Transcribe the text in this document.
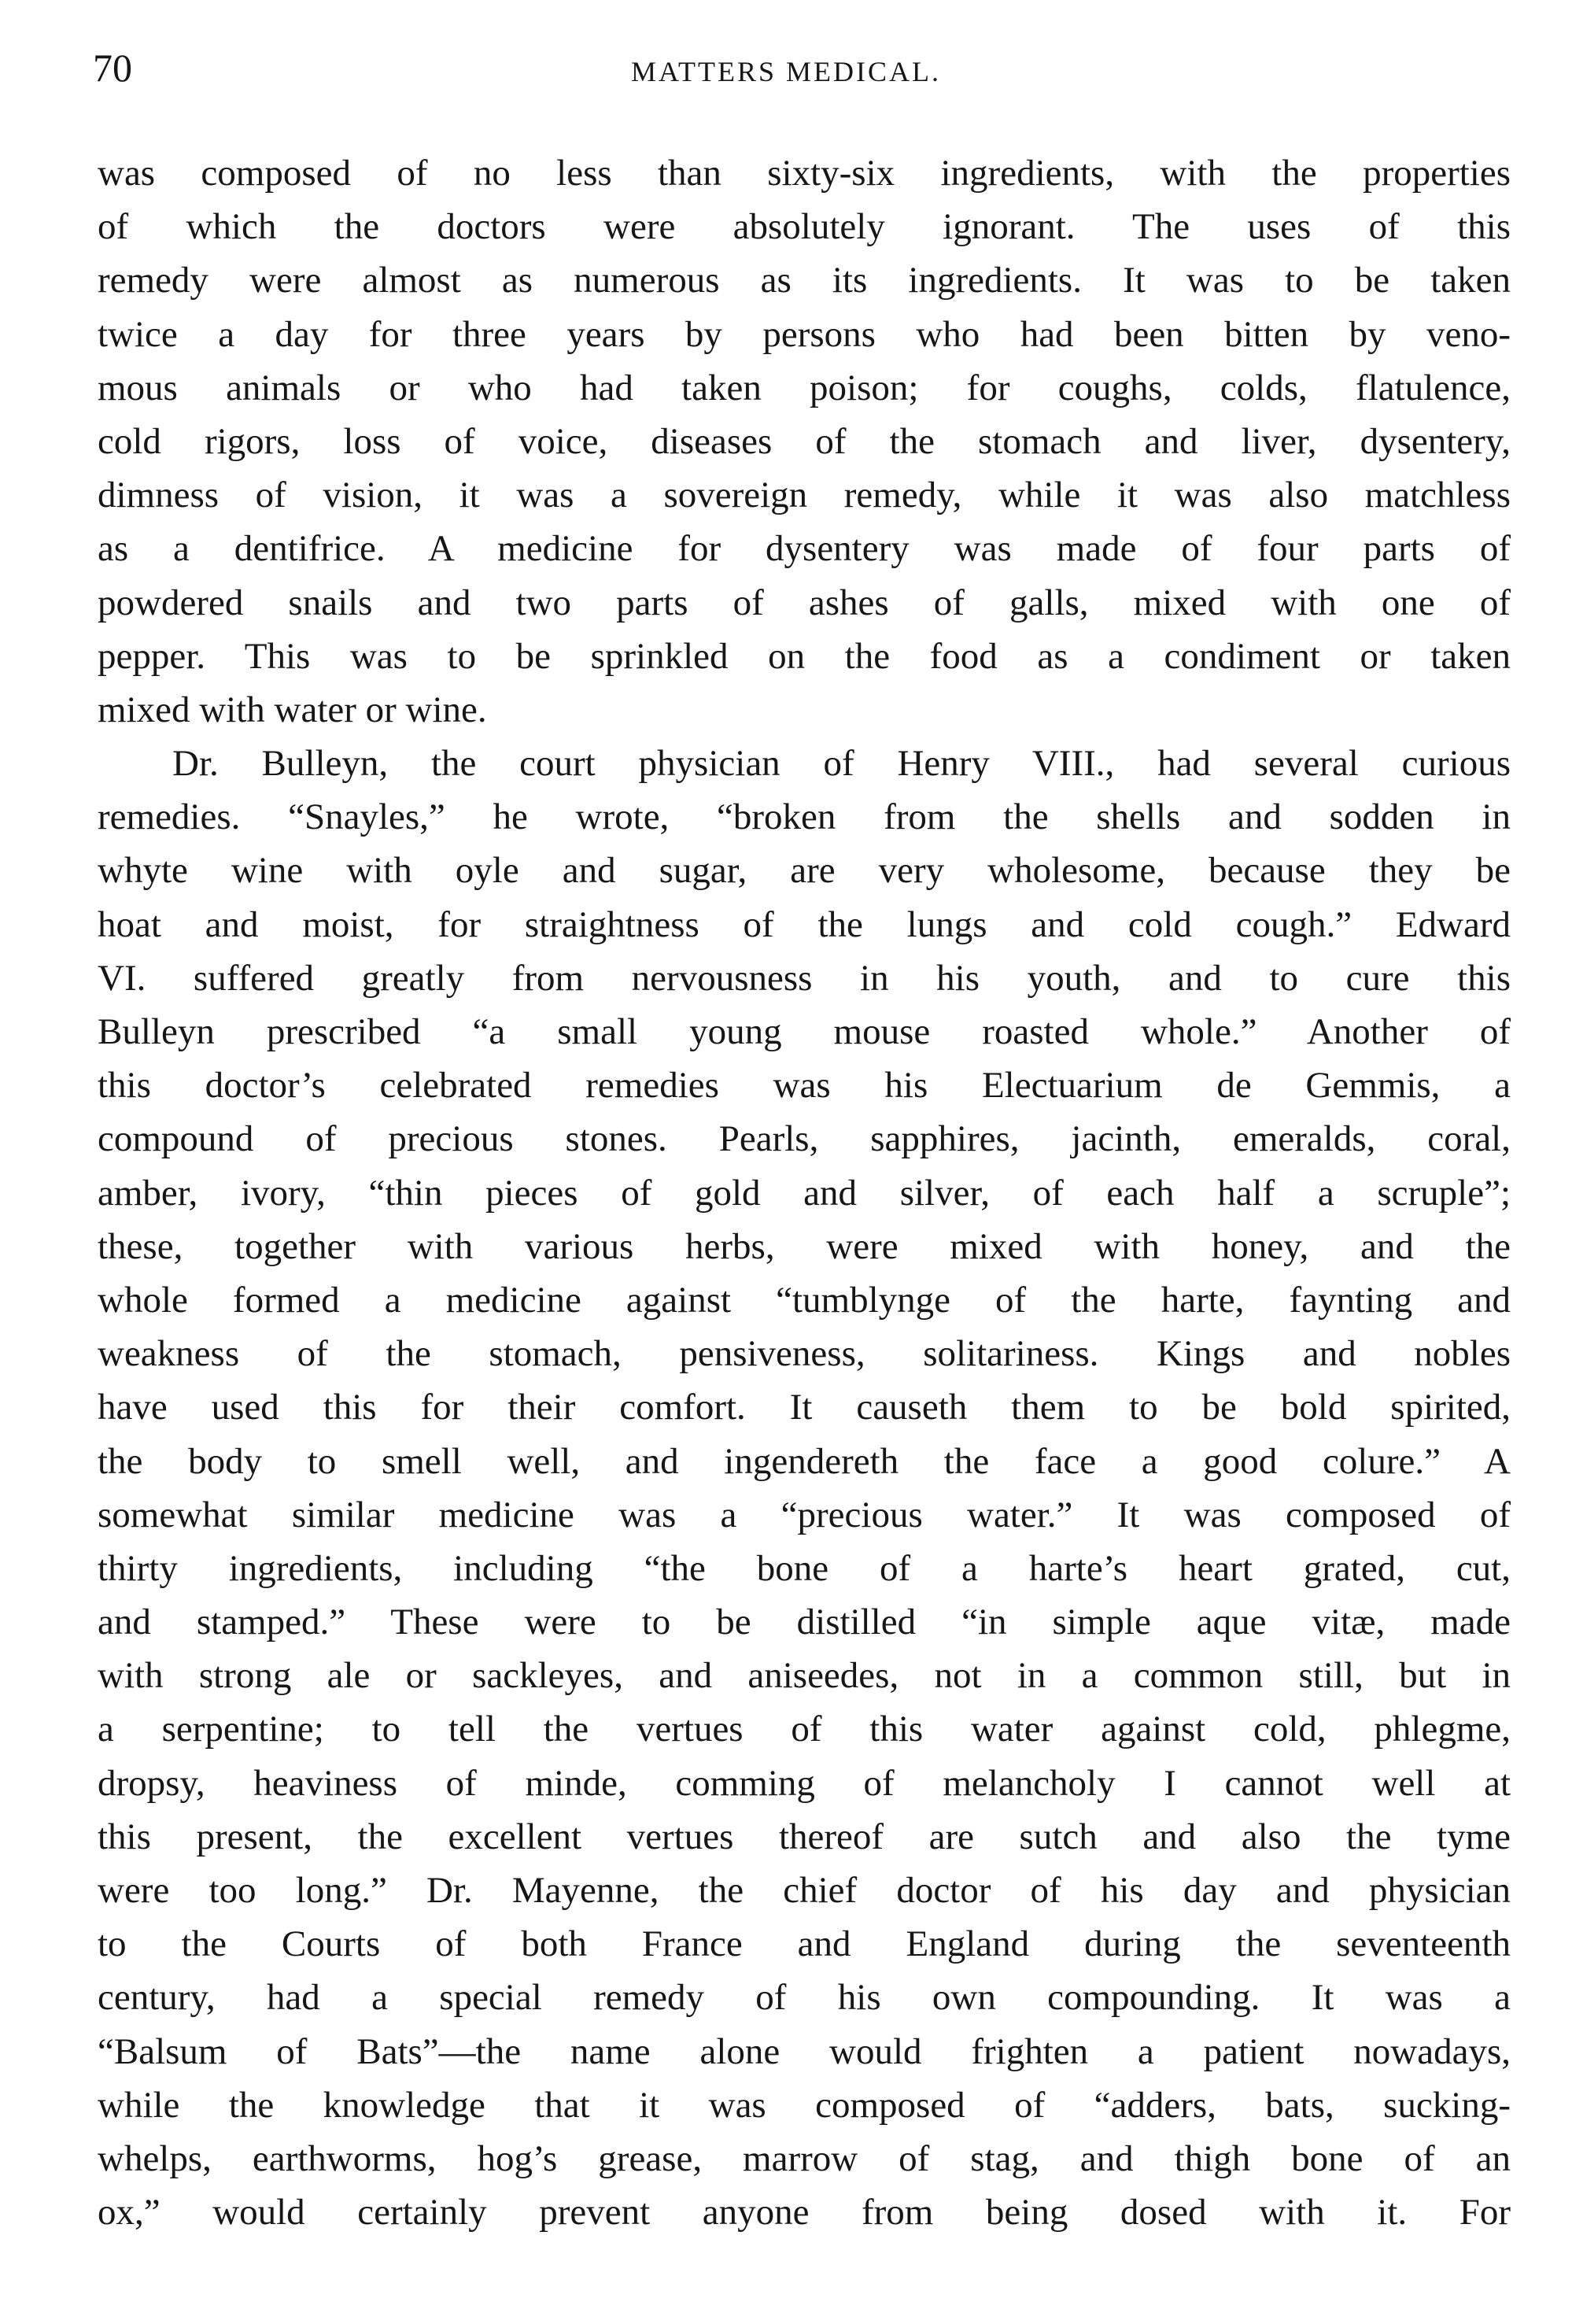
70	MATTERS MEDICAL.
was composed of no less than sixty-six ingredients, with the properties
of which the doctors were absolutely ignorant. The uses of this
remedy were almost as numerous as its ingredients. It was to be taken
twice a day for three years by persons who had been bitten by veno-
mous animals or who had taken poison; for coughs, colds, flatulence,
cold rigors, loss of voice, diseases of the stomach and liver, dysentery,
dimness of vision, it was a sovereign remedy, while it was also matchless
as a dentifrice. A medicine for dysentery was made of four parts of
powdered snails and two parts of ashes of galls, mixed with one of
pepper. This was to be sprinkled on the food as a condiment or taken
mixed with water or wine.
Dr. Bulleyn, the court physician of Henry VIII., had several curious
remedies. “Snayles,” he wrote, “broken from the shells and sodden in
whyte wine with oyle and sugar, are very wholesome, because they be
hoat and moist, for straightness of the lungs and cold cough.” Edward
VI. suffered greatly from nervousness in his youth, and to cure this
Bulleyn prescribed “a small young mouse roasted whole.” Another of
this doctor’s celebrated remedies was his Electuarium de Gemmis, a
compound of precious stones. Pearls, sapphires, jacinth, emeralds, coral,
amber, ivory, “thin pieces of gold and silver, of each half a scruple”;
these, together with various herbs, were mixed with honey, and the
whole formed a medicine against “tumblynge of the harte, faynting and
weakness of the stomach, pensiveness, solitariness. Kings and nobles
have used this for their comfort. It causeth them to be bold spirited,
the body to smell well, and ingendereth the face a good colure.” A
somewhat similar medicine was a “precious water.” It was composed of
thirty ingredients, including “the bone of a harte’s heart grated, cut,
and stamped.” These were to be distilled “in simple aque vitæ, made
with strong ale or sackleyes, and aniseedes, not in a common still, but in
a serpentine; to tell the vertues of this water against cold, phlegme,
dropsy, heaviness of minde, comming of melancholy I cannot well at
this present, the excellent vertues thereof are sutch and also the tyme
were too long.” Dr. Mayenne, the chief doctor of his day and physician
to the Courts of both France and England during the seventeenth
century, had a special remedy of his own compounding. It was a
“Balsum of Bats”—the name alone would frighten a patient nowadays,
while the knowledge that it was composed of “adders, bats, sucking-
whelps, earthworms, hog’s grease, marrow of stag, and thigh bone of an
ox,” would certainly prevent anyone from being dosed with it. For
